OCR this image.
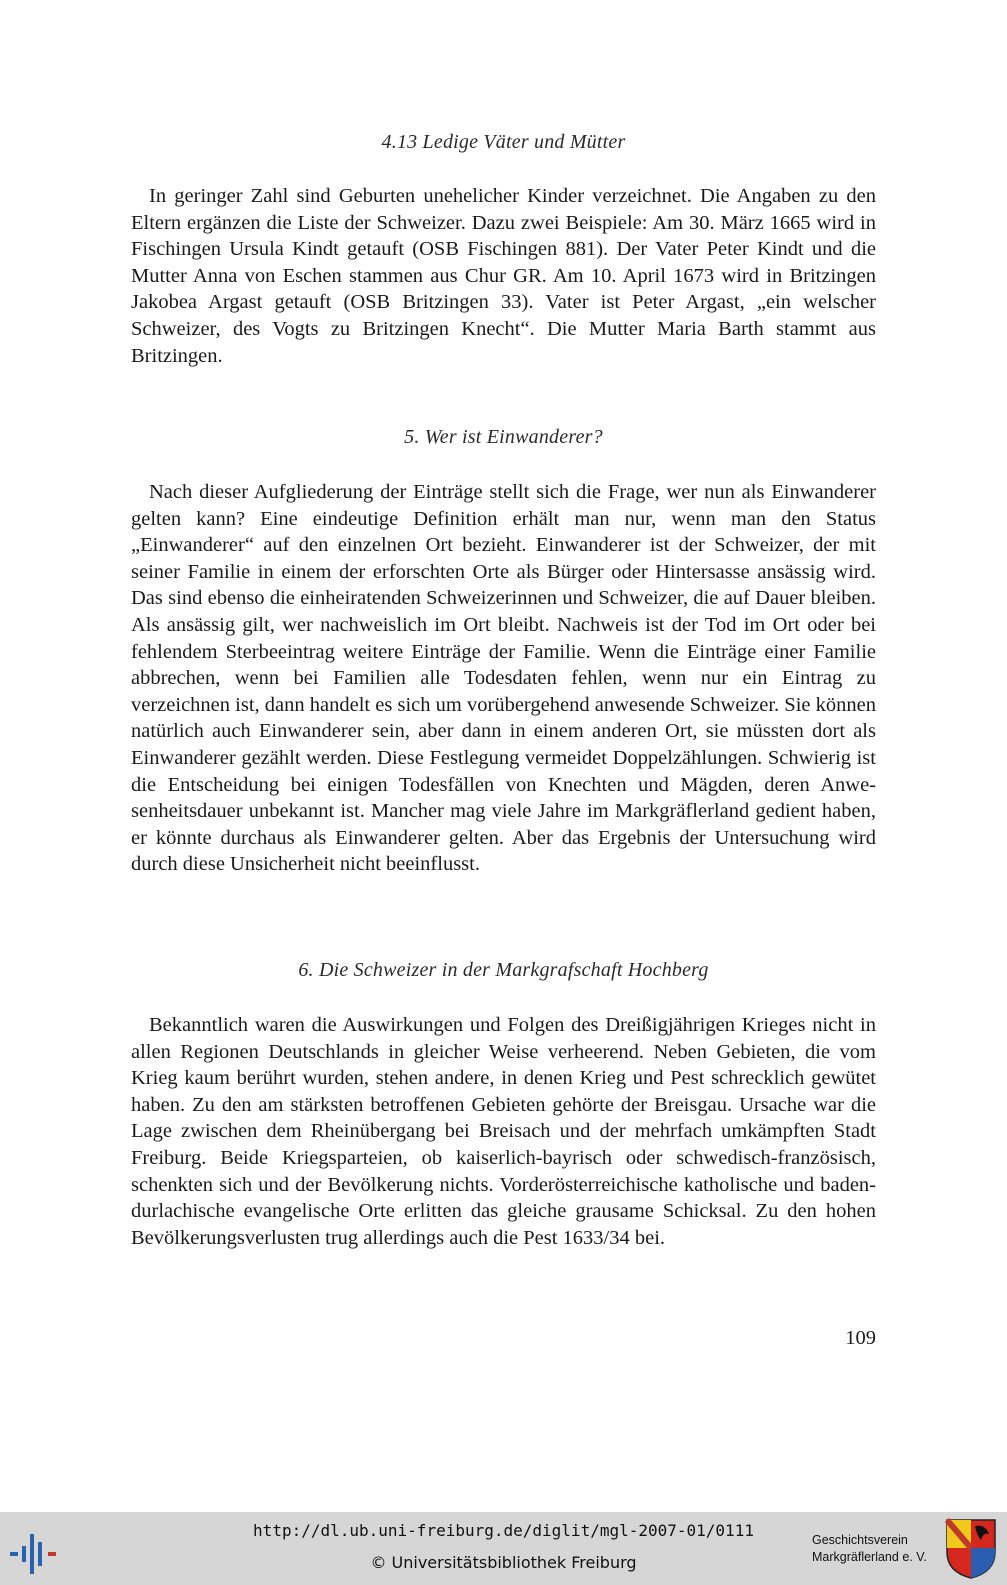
4.13 Ledige Väter und Mütter

In geringer Zahl sind Geburten unehelicher Kinder verzeichnet. Die Angaben zu den Eltern ergänzen die Liste der Schweizer. Dazu zwei Beispiele: Am 30. März 1665 wird in Fischingen Ursula Kindt getauft (OSB Fischingen 881). Der Vater Peter Kindt und die Mutter Anna von Eschen stammen aus Chur GR. Am 10. April 1673 wird in Britzingen Jakobea Argast getauft (OSB Britzingen 33). Vater ist Peter Argast, „ein welscher Schweizer, des Vogts zu Britzingen Knecht“. Die Mutter Maria Barth stammt aus Britzingen.

5. Wer ist Einwanderer?

Nach dieser Aufgliederung der Einträge stellt sich die Frage, wer nun als Einwanderer gelten kann? Eine eindeutige Definition erhält man nur, wenn man den Status „Einwanderer“ auf den einzelnen Ort bezieht. Einwanderer ist der Schweizer, der mit seiner Familie in einem der erforschten Orte als Bürger oder Hintersasse ansässig wird. Das sind ebenso die einheiratenden Schweizerinnen und Schweizer, die auf Dauer bleiben. Als ansässig gilt, wer nachweislich im Ort bleibt. Nachweis ist der Tod im Ort oder bei fehlendem Sterbeeintrag weitere Einträge der Familie. Wenn die Einträge einer Familie abbrechen, wenn bei Familien alle Todesdaten fehlen, wenn nur ein Eintrag zu verzeichnen ist, dann handelt es sich um vorübergehend anwesende Schweizer. Sie können natürlich auch Einwanderer sein, aber dann in einem anderen Ort, sie müssten dort als Einwanderer gezählt werden. Diese Festlegung vermeidet Doppelzählungen. Schwierig ist die Entscheidung bei einigen Todesfällen von Knechten und Mägden, deren Anwesenheitsdauer unbekannt ist. Mancher mag viele Jahre im Markgräflerland gedient haben, er könnte durchaus als Einwanderer gelten. Aber das Ergebnis der Untersuchung wird durch diese Unsicherheit nicht beeinflusst.

6. Die Schweizer in der Markgrafschaft Hochberg

Bekanntlich waren die Auswirkungen und Folgen des Dreißigjährigen Krieges nicht in allen Regionen Deutschlands in gleicher Weise verheerend. Neben Gebieten, die vom Krieg kaum berührt wurden, stehen andere, in denen Krieg und Pest schrecklich gewütet haben. Zu den am stärksten betroffenen Gebieten gehörte der Breisgau. Ursache war die Lage zwischen dem Rheinübergang bei Breisach und der mehrfach umkämpften Stadt Freiburg. Beide Kriegsparteien, ob kaiserlich-bayrisch oder schwedisch-französisch, schenkten sich und der Bevölkerung nichts. Vorderösterreichische katholische und baden-durlachische evangelische Orte erlitten das gleiche grausame Schicksal. Zu den hohen Bevölkerungsverlusten trug allerdings auch die Pest 1633/34 bei.

109
http://dl.ub.uni-freiburg.de/diglit/mgl-2007-01/0111
© Universitätsbibliothek Freiburg
Geschichtsverein
Markgräflerland e. V.
